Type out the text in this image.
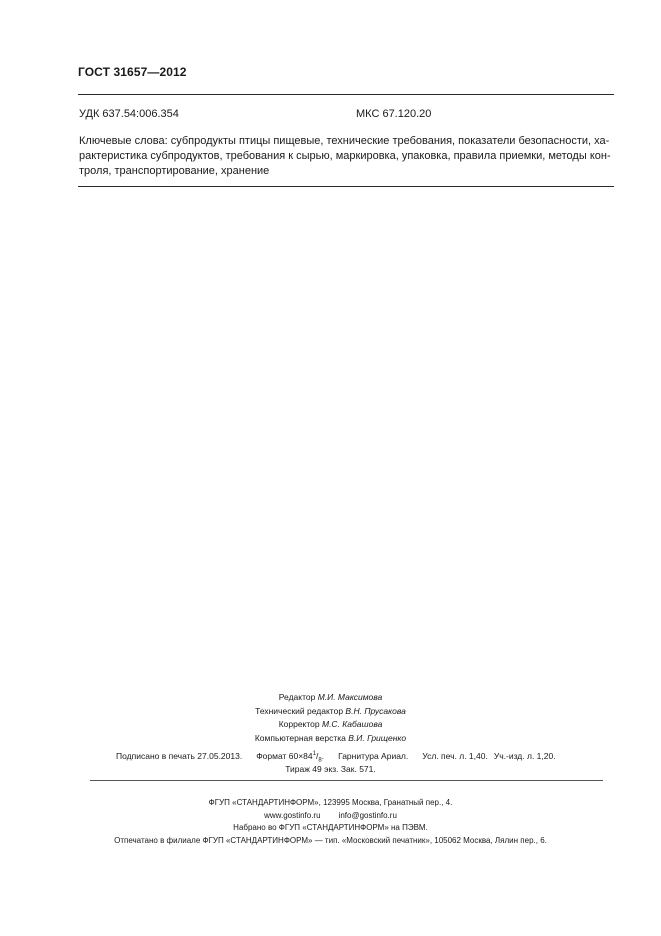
ГОСТ 31657—2012
УДК 637.54:006.354	МКС 67.120.20
Ключевые слова: субпродукты птицы пищевые, технические требования, показатели безопасности, ха-
рактеристика субпродуктов, требования к сырью, маркировка, упаковка, правила приемки, методы кон-
троля, транспортирование, хранение
Редактор М.И. Максимова
Технический редактор В.Н. Прусакова
Корректор М.С. Кабашова
Компьютерная верстка В.И. Грищенко
Подписано в печать 27.05.2013. Формат $60\times 84^1/_8$. Гарнитура Ариал. Усл. печ. л. 1,40. Уч.-изд. л. 1,20.
Тираж 49 экз. Зак. 571.
ФГУП «СТАНДАРТИНФОРМ», 123995 Москва, Гранатный пер., 4.
www.gostinfo.ru info@gostinfo.ru
Набрано во ФГУП «СТАНДАРТИНФОРМ» на ПЭВМ.
Отпечатано в филиале ФГУП «СТАНДАРТИНФОРМ» — тип. «Московский печатник», 105062 Москва, Лялин пер., 6.
